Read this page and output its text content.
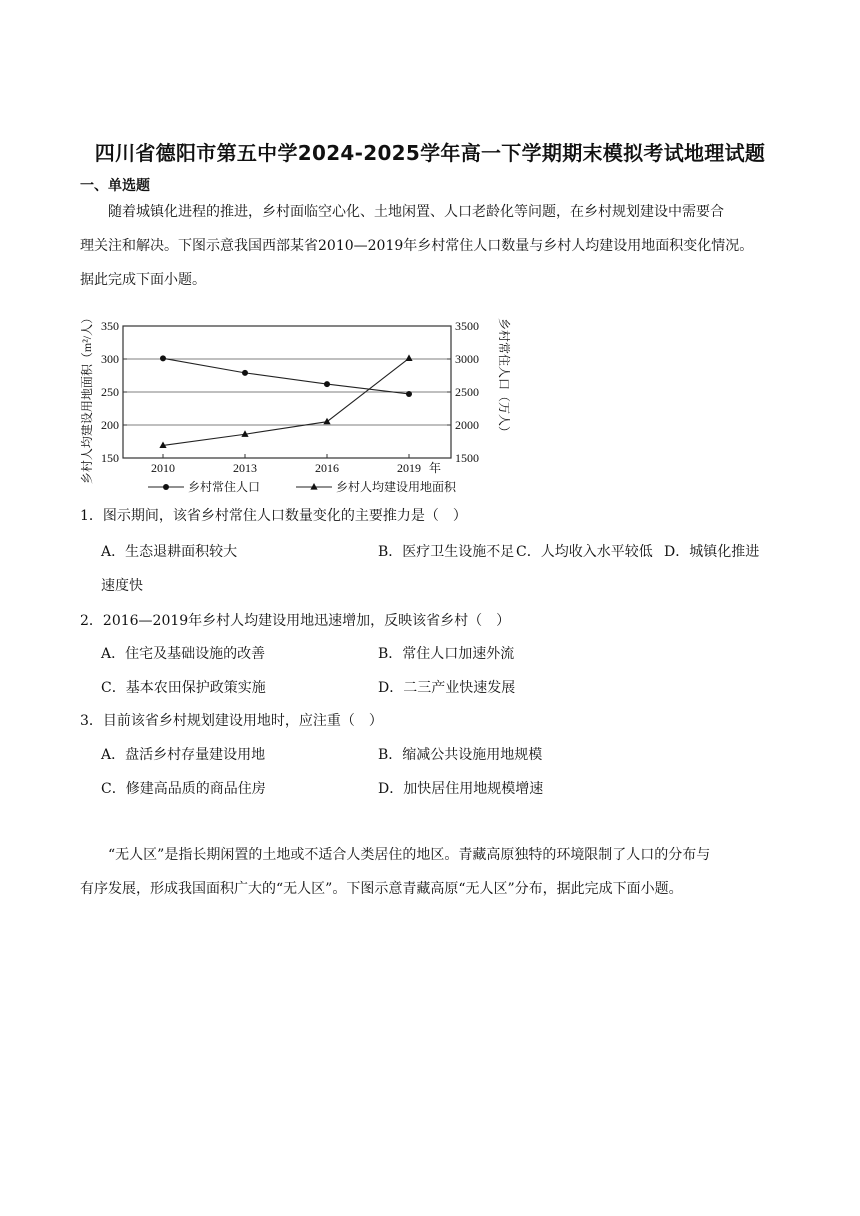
四川省德阳市第五中学2024-2025学年高一下学期期末模拟考试地理试题
一、单选题
随着城镇化进程的推进，乡村面临空心化、土地闲置、人口老龄化等问题，在乡村规划建设中需要合
理关注和解决。下图示意我国西部某省2010—2019年乡村常住人口数量与乡村人均建设用地面积变化情况。
据此完成下面小题。
150
200
250
300
350
1500
2000
2500
3000
3500
2010	2013	2016	2019 年
乡村人均建设用地面积（m²/人）	乡村常住人口（万人）
乡村常住人口	乡村人均建设用地面积
1．图示期间，该省乡村常住人口数量变化的主要推力是（　）
A．生态退耕面积较大	B．医疗卫生设施不足 C．人均收入水平较低 D．城镇化推进
速度快
2．2016—2019年乡村人均建设用地迅速增加，反映该省乡村（　）
A．住宅及基础设施的改善	B．常住人口加速外流
C．基本农田保护政策实施	D．二三产业快速发展
3．目前该省乡村规划建设用地时，应注重（　）
A．盘活乡村存量建设用地	B．缩减公共设施用地规模
C．修建高品质的商品住房	D．加快居住用地规模增速
“无人区”是指长期闲置的土地或不适合人类居住的地区。青藏高原独特的环境限制了人口的分布与
有序发展，形成我国面积广大的“无人区”。下图示意青藏高原“无人区”分布，据此完成下面小题。
